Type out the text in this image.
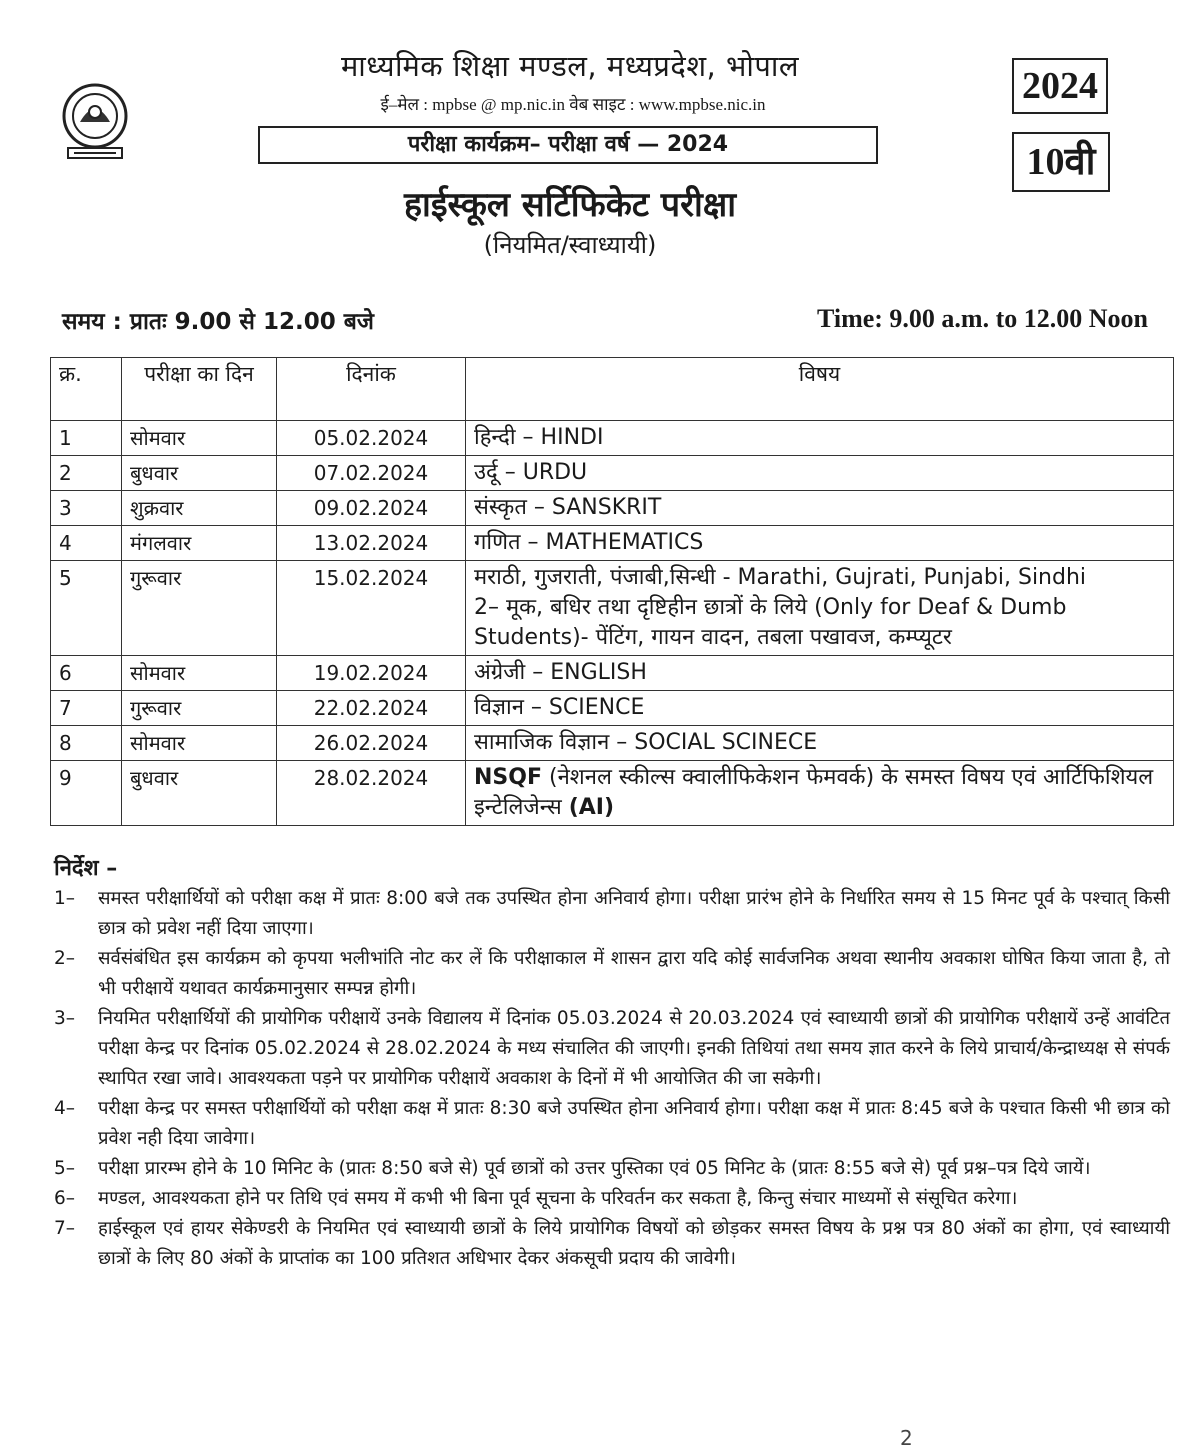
माध्यमिक शिक्षा मण्डल, मध्यप्रदेश, भोपाल
ई–मेल : mpbse @ mp.nic.in वेब साइट : www.mpbse.nic.in
परीक्षा कार्यक्रम– परीक्षा वर्ष — 2024
2024
10वी
हाईस्कूल सर्टिफिकेट परीक्षा
(नियमित/स्वाध्यायी)
समय : प्रातः 9.00 से 12.00 बजे	Time: 9.00 a.m. to 12.00 Noon
क्र.	परीक्षा का दिन	दिनांक	विषय
1	सोमवार	05.02.2024	हिन्दी – HINDI
2	बुधवार	07.02.2024	उर्दू – URDU
3	शुक्रवार	09.02.2024	संस्कृत – SANSKRIT
4	मंगलवार	13.02.2024	गणित – MATHEMATICS
5	गुरूवार	15.02.2024	मराठी, गुजराती, पंजाबी,सिन्धी - Marathi, Gujrati, Punjabi, Sindhi
2– मूक, बधिर तथा दृष्टिहीन छात्रों के लिये (Only for Deaf & Dumb Students)- पेंटिंग, गायन वादन, तबला पखावज, कम्प्यूटर

6	सोमवार	19.02.2024	अंग्रेजी – ENGLISH
7	गुरूवार	22.02.2024	विज्ञान – SCIENCE
8	सोमवार	26.02.2024	सामाजिक विज्ञान – SOCIAL SCINECE
9	बुधवार	28.02.2024	NSQF (नेशनल स्कील्स क्वालीफिकेशन फेमवर्क) के समस्त विषय एवं आर्टिफिशियल इन्टेलिजेन्स (AI)
निर्देश –
1–	समस्त परीक्षार्थियों को परीक्षा कक्ष में प्रातः 8:00 बजे तक उपस्थित होना अनिवार्य होगा। परीक्षा प्रारंभ होने के निर्धारित समय से 15 मिनट पूर्व के पश्चात् किसी छात्र को प्रवेश नहीं दिया जाएगा।
2–	सर्वसंबंधित इस कार्यक्रम को कृपया भलीभांति नोट कर लें कि परीक्षाकाल में शासन द्वारा यदि कोई सार्वजनिक अथवा स्थानीय अवकाश घोषित किया जाता है, तो भी परीक्षायें यथावत कार्यक्रमानुसार सम्पन्न होगी।
3–	नियमित परीक्षार्थियों की प्रायोगिक परीक्षायें उनके विद्यालय में दिनांक 05.03.2024 से 20.03.2024 एवं स्वाध्यायी छात्रों की प्रायोगिक परीक्षायें उन्हें आवंटित परीक्षा केन्द्र पर दिनांक 05.02.2024 से 28.02.2024 के मध्य संचालित की जाएगी। इनकी तिथियां तथा समय ज्ञात करने के लिये प्राचार्य/केन्द्राध्यक्ष से संपर्क स्थापित रखा जावे। आवश्यकता पड़ने पर प्रायोगिक परीक्षायें अवकाश के दिनों में भी आयोजित की जा सकेगी।
4–	परीक्षा केन्द्र पर समस्त परीक्षार्थियों को परीक्षा कक्ष में प्रातः 8:30 बजे उपस्थित होना अनिवार्य होगा। परीक्षा कक्ष में प्रातः 8:45 बजे के पश्चात किसी भी छात्र को प्रवेश नही दिया जावेगा।
5–	परीक्षा प्रारम्भ होने के 10 मिनिट के (प्रातः 8:50 बजे से) पूर्व छात्रों को उत्तर पुस्तिका एवं 05 मिनिट के (प्रातः 8:55 बजे से) पूर्व प्रश्न–पत्र दिये जायें।
6–	मण्डल, आवश्यकता होने पर तिथि एवं समय में कभी भी बिना पूर्व सूचना के परिवर्तन कर सकता है, किन्तु संचार माध्यमों से संसूचित करेगा।
7–	हाईस्कूल एवं हायर सेकेण्डरी के नियमित एवं स्वाध्यायी छात्रों के लिये प्रायोगिक विषयों को छोड़कर समस्त विषय के प्रश्न पत्र 80 अंकों का होगा, एवं स्वाध्यायी छात्रों के लिए 80 अंकों के प्राप्तांक का 100 प्रतिशत अधिभार देकर अंकसूची प्रदाय की जावेगी।
2
